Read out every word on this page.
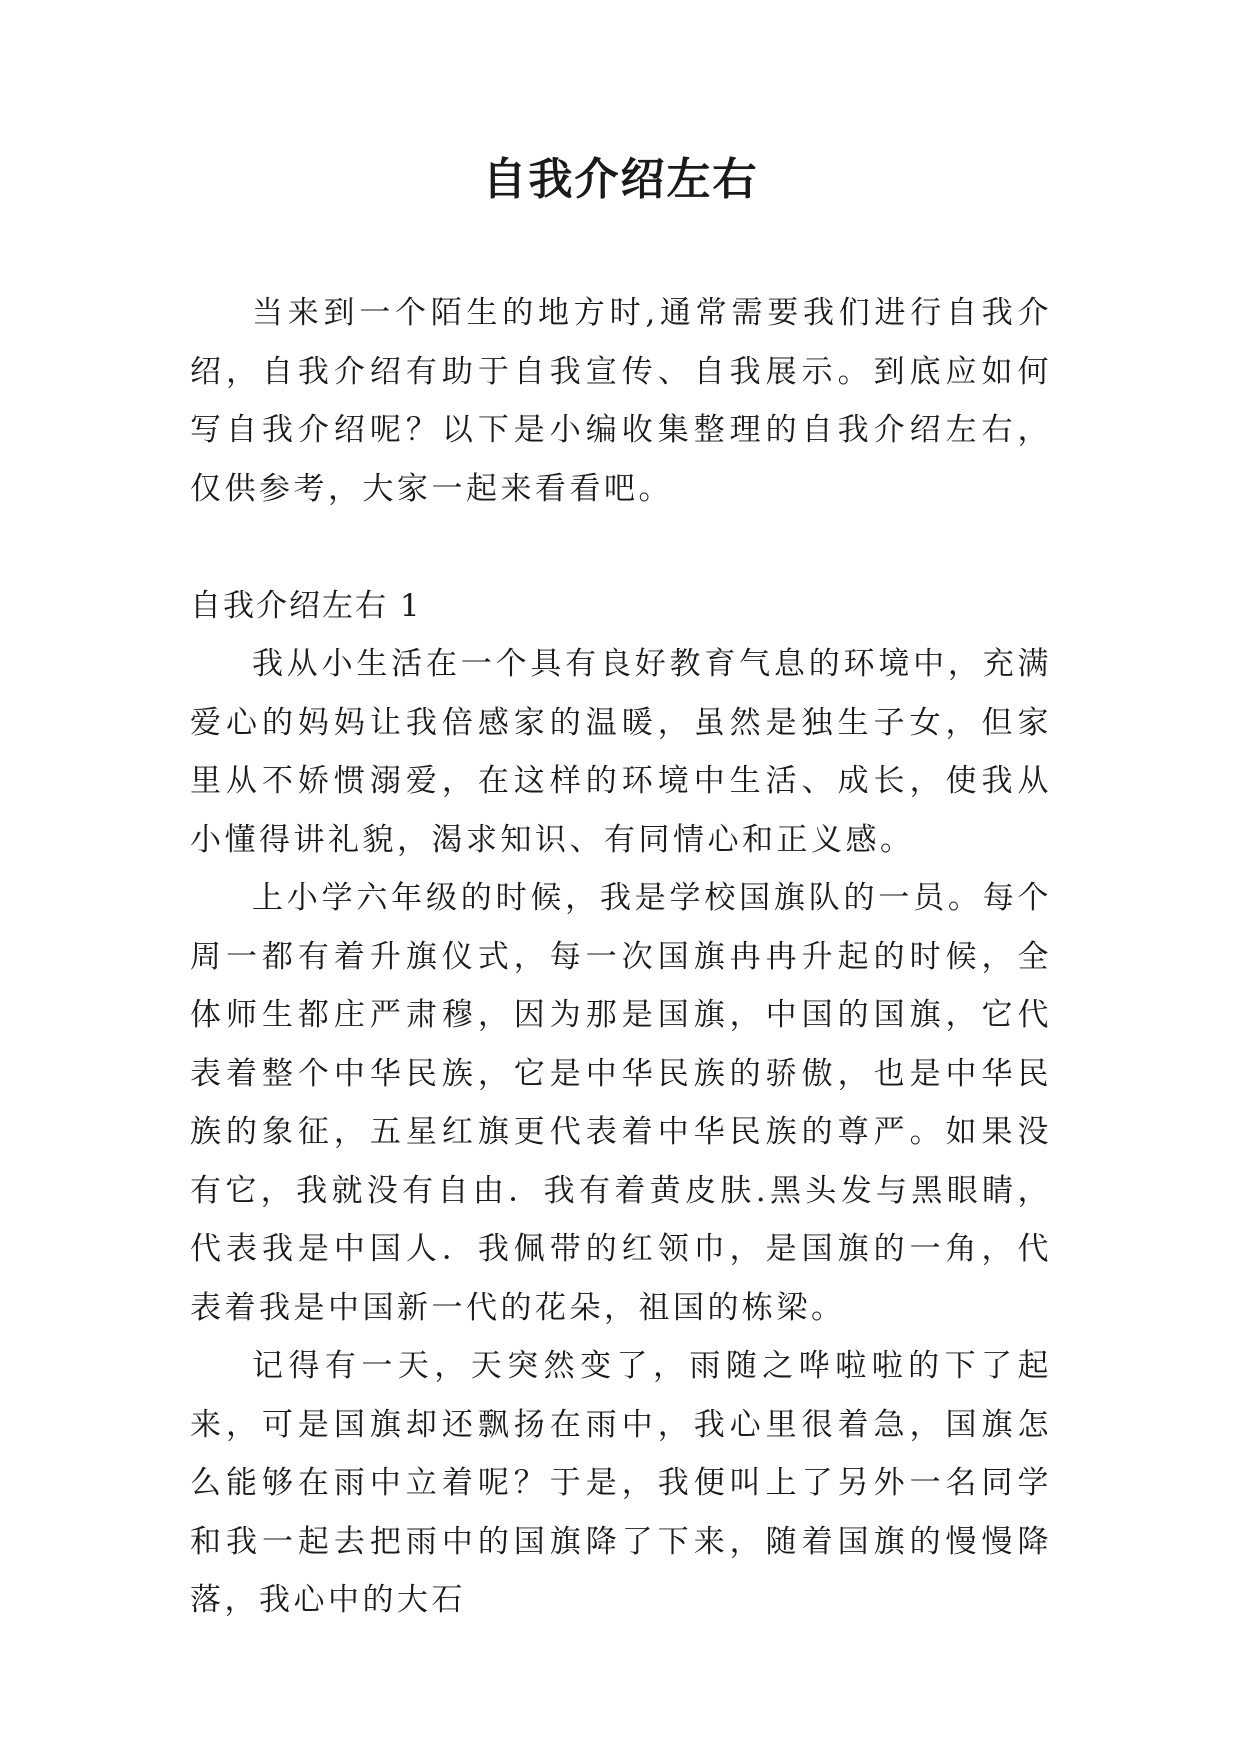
自我介绍左右

当来到一个陌生的地方时,通常需要我们进行自我介绍，自我介绍有助于自我宣传、自我展示。到底应如何写自我介绍呢？以下是小编收集整理的自我介绍左右，仅供参考，大家一起来看看吧。

自我介绍左右 1

我从小生活在一个具有良好教育气息的环境中，充满爱心的妈妈让我倍感家的温暖，虽然是独生子女，但家里从不娇惯溺爱，在这样的环境中生活、成长，使我从小懂得讲礼貌，渴求知识、有同情心和正义感。

上小学六年级的时候，我是学校国旗队的一员。每个周一都有着升旗仪式，每一次国旗冉冉升起的时候，全体师生都庄严肃穆，因为那是国旗，中国的国旗，它代表着整个中华民族，它是中华民族的骄傲，也是中华民族的象征，五星红旗更代表着中华民族的尊严。如果没有它，我就没有自由．我有着黄皮肤.黑头发与黑眼睛，代表我是中国人．我佩带的红领巾，是国旗的一角，代表着我是中国新一代的花朵，祖国的栋梁。

记得有一天，天突然变了，雨随之哗啦啦的下了起来，可是国旗却还飘扬在雨中，我心里很着急，国旗怎么能够在雨中立着呢？于是，我便叫上了另外一名同学和我一起去把雨中的国旗降了下来，随着国旗的慢慢降落，我心中的大石
